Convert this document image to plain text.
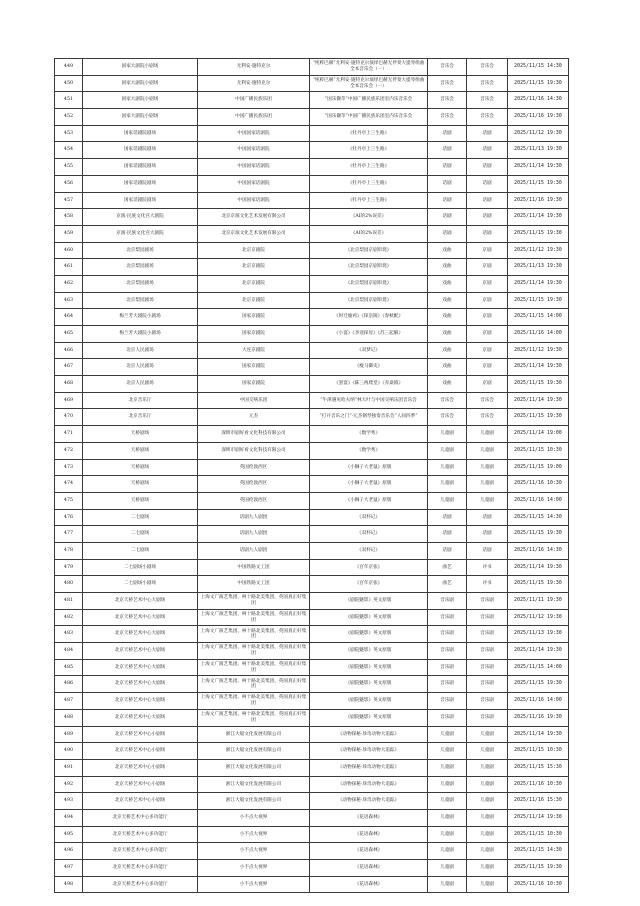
449	国家大剧院小剧场	尤利安·施特克尔	“纯粹巴赫”尤利安·施特克尔演绎巴赫无伴奏大提琴组曲全本音乐会（一）	音乐会	音乐会	2025/11/15 14:30
450	国家大剧院小剧场	尤利安·施特克尔	“纯粹巴赫”尤利安·施特克尔演绎巴赫无伴奏大提琴组曲全本音乐会（一）	音乐会	音乐会	2025/11/15 19:30
451	国家大剧院小剧场	中国广播民族乐团	“国乐撷萃”中国广播民族乐团室内乐音乐会	音乐会	音乐会	2025/11/16 14:30
452	国家大剧院小剧场	中国广播民族乐团	“国乐撷萃”中国广播民族乐团室内乐音乐会	音乐会	音乐会	2025/11/16 19:30
453	国家话剧院剧场	中国国家话剧院	《牡丹亭上三生路》	话剧	话剧	2025/11/12 19:30
454	国家话剧院剧场	中国国家话剧院	《牡丹亭上三生路》	话剧	话剧	2025/11/13 19:30
455	国家话剧院剧场	中国国家话剧院	《牡丹亭上三生路》	话剧	话剧	2025/11/14 19:30
456	国家话剧院剧场	中国国家话剧院	《牡丹亭上三生路》	话剧	话剧	2025/11/15 19:30
457	国家话剧院剧场	中国国家话剧院	《牡丹亭上三生路》	话剧	话剧	2025/11/16 19:30
458	京演·民族文化宫大剧院	北京京演文化艺术发展有限公司	《AI的2%误差》	话剧	话剧	2025/11/14 19:30
459	京演·民族文化宫大剧院	北京京演文化艺术发展有限公司	《AI的2%误差》	话剧	话剧	2025/11/15 19:30
460	北京梨园剧场	北京京剧院	《北京梨园京剧串烧》	戏曲	京剧	2025/11/12 19:30
461	北京梨园剧场	北京京剧院	《北京梨园京剧串烧》	戏曲	京剧	2025/11/13 19:30
462	北京梨园剧场	北京京剧院	《北京梨园京剧串烧》	戏曲	京剧	2025/11/14 19:30
463	北京梨园剧场	北京京剧院	《北京梨园京剧串烧》	戏曲	京剧	2025/11/15 19:30
464	梅兰芳大剧院小剧场	国家京剧院	《时迁偷鸡》《探皇陵》《春秋配》	戏曲	京剧	2025/11/15 14:00
465	梅兰芳大剧院小剧场	国家京剧院	《小宴》《李逵探母》《苏三起解》	戏曲	京剧	2025/11/16 14:00
466	北京人民剧场	大连京剧院	《双梦记》	戏曲	京剧	2025/11/12 19:30
467	北京人民剧场	国家京剧院	《瘦马御史》	戏曲	京剧	2025/11/14 19:30
468	北京人民剧场	国家京剧院	《罢宴》《陈三两爬堂》《赤桑镇》	戏曲	京剧	2025/11/15 19:30
469	北京音乐厅	中国交响乐团	“牛津遇见哈夫纳”林大叶与中国交响乐团音乐会	音乐会	音乐会	2025/11/14 19:30
470	北京音乐厅	元杰	“打开音乐之门”·元杰钢琴独奏音乐会“人间四季”	音乐会	音乐会	2025/11/15 19:30
471	天桥剧场	深圳市剧好看文化科技有限公司	《数学秀》	儿童剧	儿童剧	2025/11/14 19:00
472	天桥剧场	深圳市剧好看文化科技有限公司	《数学秀》	儿童剧	儿童剧	2025/11/15 10:30
473	天桥剧场	英国伦敦西区	《小狮子大老鼠》原版	儿童剧	儿童剧	2025/11/15 19:00
474	天桥剧场	英国伦敦西区	《小狮子大老鼠》原版	儿童剧	儿童剧	2025/11/16 10:30
475	天桥剧场	英国伦敦西区	《小狮子大老鼠》原版	儿童剧	儿童剧	2025/11/16 14:00
476	二七剧场	话剧九人剧团	《双杯记》	话剧	话剧	2025/11/15 14:30
477	二七剧场	话剧九人剧团	《双杯记》	话剧	话剧	2025/11/15 19:30
478	二七剧场	话剧九人剧团	《双杯记》	话剧	话剧	2025/11/16 14:30
479	二七剧场小剧场	中国铁路文工团	《百年京张》	曲艺	评书	2025/11/14 19:30
480	二七剧场小剧场	中国铁路文工团	《百年京张》	曲艺	评书	2025/11/15 19:30
481	北京天桥艺术中心大剧场	上海文广演艺集团、柯十路北美集团、英国真正好集团	《剧院魅影》英文原版	音乐剧	音乐剧	2025/11/11 19:30
482	北京天桥艺术中心大剧场	上海文广演艺集团、柯十路北美集团、英国真正好集团	《剧院魅影》英文原版	音乐剧	音乐剧	2025/11/12 19:30
483	北京天桥艺术中心大剧场	上海文广演艺集团、柯十路北美集团、英国真正好集团	《剧院魅影》英文原版	音乐剧	音乐剧	2025/11/13 19:30
484	北京天桥艺术中心大剧场	上海文广演艺集团、柯十路北美集团、英国真正好集团	《剧院魅影》英文原版	音乐剧	音乐剧	2025/11/14 19:30
485	北京天桥艺术中心大剧场	上海文广演艺集团、柯十路北美集团、英国真正好集团	《剧院魅影》英文原版	音乐剧	音乐剧	2025/11/15 14:00
486	北京天桥艺术中心大剧场	上海文广演艺集团、柯十路北美集团、英国真正好集团	《剧院魅影》英文原版	音乐剧	音乐剧	2025/11/15 19:30
487	北京天桥艺术中心大剧场	上海文广演艺集团、柯十路北美集团、英国真正好集团	《剧院魅影》英文原版	音乐剧	音乐剧	2025/11/16 14:00
488	北京天桥艺术中心大剧场	上海文广演艺集团、柯十路北美集团、英国真正好集团	《剧院魅影》英文原版	音乐剧	音乐剧	2025/11/16 19:30
489	北京天桥艺术中心小剧场	浙江大船文化发展有限公司	《动物探秘·珍奇动物大追踪》	儿童剧	儿童剧	2025/11/14 19:30
490	北京天桥艺术中心小剧场	浙江大船文化发展有限公司	《动物探秘·珍奇动物大追踪》	儿童剧	儿童剧	2025/11/15 10:30
491	北京天桥艺术中心小剧场	浙江大船文化发展有限公司	《动物探秘·珍奇动物大追踪》	儿童剧	儿童剧	2025/11/15 15:30
492	北京天桥艺术中心小剧场	浙江大船文化发展有限公司	《动物探秘·珍奇动物大追踪》	儿童剧	儿童剧	2025/11/16 10:30
493	北京天桥艺术中心小剧场	浙江大船文化发展有限公司	《动物探秘·珍奇动物大追踪》	儿童剧	儿童剧	2025/11/16 15:30
494	北京天桥艺术中心多功能厅	小不点大视界	《花语森林》	儿童剧	儿童剧	2025/11/14 19:30
495	北京天桥艺术中心多功能厅	小不点大视界	《花语森林》	儿童剧	儿童剧	2025/11/15 10:30
496	北京天桥艺术中心多功能厅	小不点大视界	《花语森林》	儿童剧	儿童剧	2025/11/15 14:30
497	北京天桥艺术中心多功能厅	小不点大视界	《花语森林》	儿童剧	儿童剧	2025/11/15 19:30
498	北京天桥艺术中心多功能厅	小不点大视界	《花语森林》	儿童剧	儿童剧	2025/11/16 10:30
